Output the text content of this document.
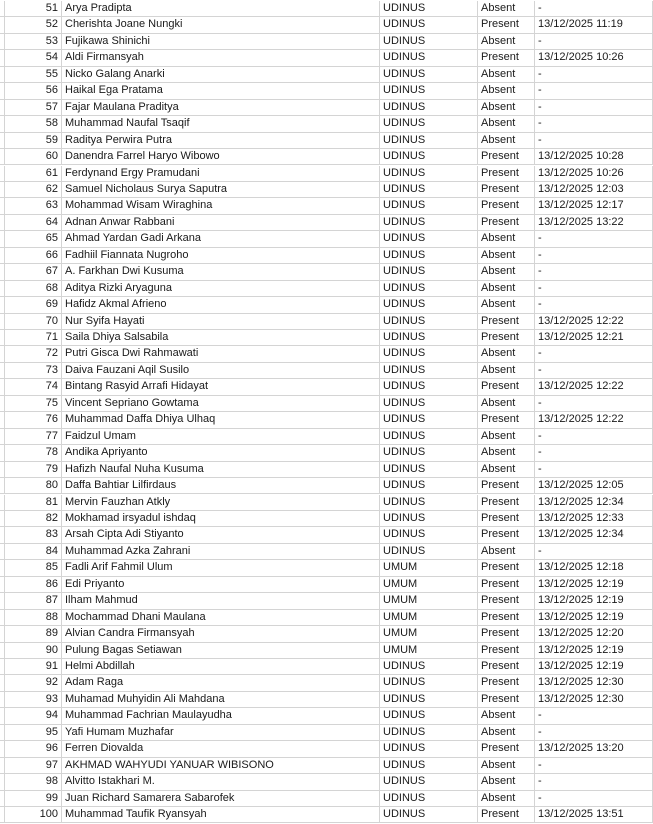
51 Arya Pradipta	UDINUS	Absent	-
52 Cherishta Joane Nungki	UDINUS	Present	13/12/2025 11:19
53 Fujikawa Shinichi	UDINUS	Absent	-
54 Aldi Firmansyah	UDINUS	Present	13/12/2025 10:26
55 Nicko Galang Anarki	UDINUS	Absent	-
56 Haikal Ega Pratama	UDINUS	Absent	-
57 Fajar Maulana Praditya	UDINUS	Absent	-
58 Muhammad Naufal Tsaqif	UDINUS	Absent	-
59 Raditya Perwira Putra	UDINUS	Absent	-
60 Danendra Farrel Haryo Wibowo	UDINUS	Present	13/12/2025 10:28
61 Ferdynand Ergy Pramudani	UDINUS	Present	13/12/2025 10:26
62 Samuel Nicholaus Surya Saputra	UDINUS	Present	13/12/2025 12:03
63 Mohammad Wisam Wiraghina	UDINUS	Present	13/12/2025 12:17
64 Adnan Anwar Rabbani	UDINUS	Present	13/12/2025 13:22
65 Ahmad Yardan Gadi Arkana	UDINUS	Absent	-
66 Fadhiil Fiannata Nugroho	UDINUS	Absent	-
67 A. Farkhan Dwi Kusuma	UDINUS	Absent	-
68 Aditya Rizki Aryaguna	UDINUS	Absent	-
69 Hafidz Akmal Afrieno	UDINUS	Absent	-
70 Nur Syifa Hayati	UDINUS	Present	13/12/2025 12:22
71 Saila Dhiya Salsabila	UDINUS	Present	13/12/2025 12:21
72 Putri Gisca Dwi Rahmawati	UDINUS	Absent	-
73 Daiva Fauzani Aqil Susilo	UDINUS	Absent	-
74 Bintang Rasyid Arrafi Hidayat	UDINUS	Present	13/12/2025 12:22
75 Vincent Sepriano Gowtama	UDINUS	Absent	-
76 Muhammad Daffa Dhiya Ulhaq	UDINUS	Present	13/12/2025 12:22
77 Faidzul Umam	UDINUS	Absent	-
78 Andika Apriyanto	UDINUS	Absent	-
79 Hafizh Naufal Nuha Kusuma	UDINUS	Absent	-
80 Daffa Bahtiar Lilfirdaus	UDINUS	Present	13/12/2025 12:05
81 Mervin Fauzhan Atkly	UDINUS	Present	13/12/2025 12:34
82 Mokhamad irsyadul ishdaq	UDINUS	Present	13/12/2025 12:33
83 Arsah Cipta Adi Stiyanto	UDINUS	Present	13/12/2025 12:34
84 Muhammad Azka Zahrani	UDINUS	Absent	-
85 Fadli Arif Fahmil Ulum	UMUM	Present	13/12/2025 12:18
86 Edi Priyanto	UMUM	Present	13/12/2025 12:19
87 Ilham Mahmud	UMUM	Present	13/12/2025 12:19
88 Mochammad Dhani Maulana	UMUM	Present	13/12/2025 12:19
89 Alvian Candra Firmansyah	UMUM	Present	13/12/2025 12:20
90 Pulung Bagas Setiawan	UMUM	Present	13/12/2025 12:19
91 Helmi Abdillah	UDINUS	Present	13/12/2025 12:19
92 Adam Raga	UDINUS	Present	13/12/2025 12:30
93 Muhamad Muhyidin Ali Mahdana	UDINUS	Present	13/12/2025 12:30
94 Muhammad Fachrian Maulayudha	UDINUS	Absent	-
95 Yafi Humam Muzhafar	UDINUS	Absent	-
96 Ferren Diovalda	UDINUS	Present	13/12/2025 13:20
97 AKHMAD WAHYUDI YANUAR WIBISONO	UDINUS	Absent	-
98 Alvitto Istakhari M.	UDINUS	Absent	-
99 Juan Richard Samarera Sabarofek	UDINUS	Absent	-
100 Muhammad Taufik Ryansyah	UDINUS	Present	13/12/2025 13:51
